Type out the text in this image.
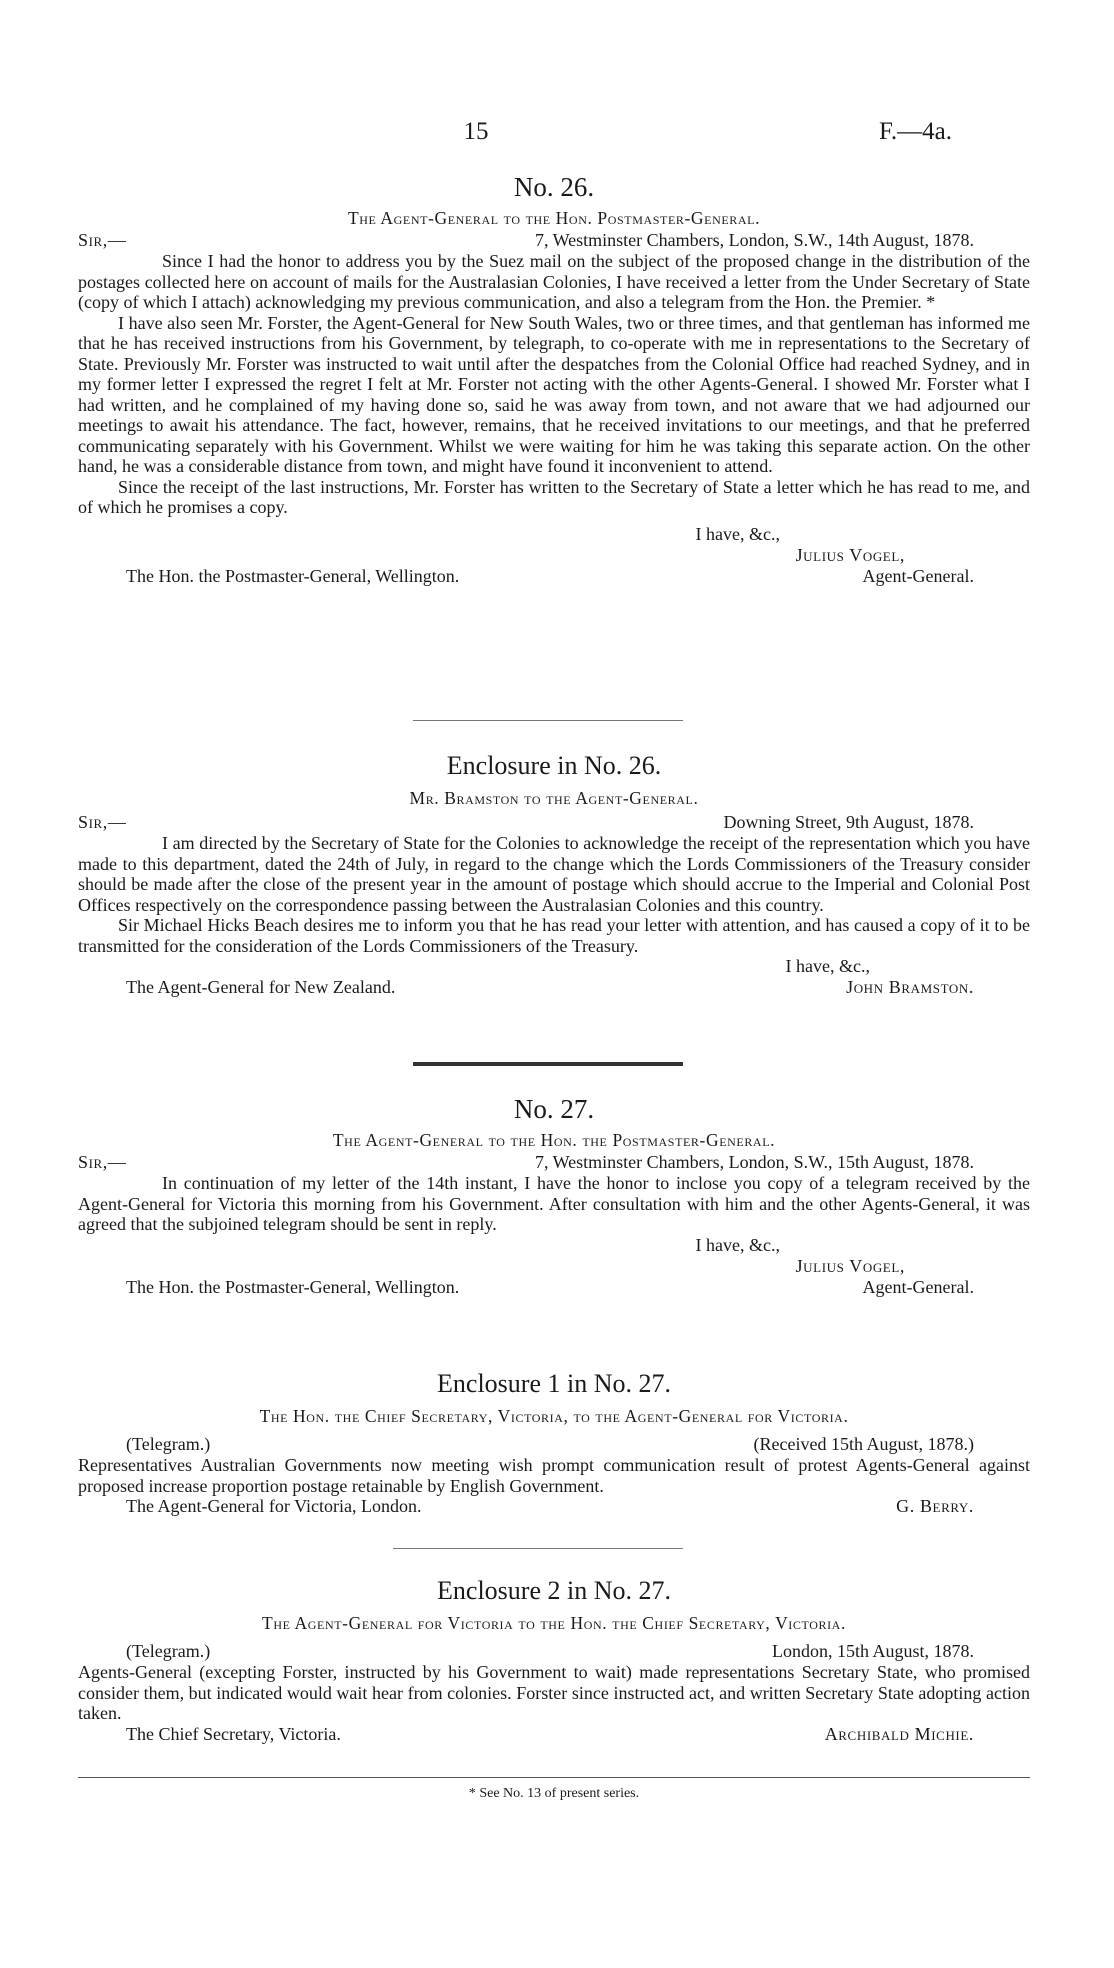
15	F.—4a.
No. 26.
The Agent-General to the Hon. Postmaster-General.
Sir,—	7, Westminster Chambers, London, S.W., 14th August, 1878.

Since I had the honor to address you by the Suez mail on the subject of the proposed change in the distribution of the postages collected here on account of mails for the Australasian Colonies, I have received a letter from the Under Secretary of State (copy of which I attach) acknowledging my previous communication, and also a telegram from the Hon. the Premier. *

I have also seen Mr. Forster, the Agent-General for New South Wales, two or three times, and that gentleman has informed me that he has received instructions from his Government, by telegraph, to co-operate with me in representations to the Secretary of State. Previously Mr. Forster was instructed to wait until after the despatches from the Colonial Office had reached Sydney, and in my former letter I expressed the regret I felt at Mr. Forster not acting with the other Agents-General. I showed Mr. Forster what I had written, and he complained of my having done so, said he was away from town, and not aware that we had adjourned our meetings to await his attendance. The fact, however, remains, that he received invitations to our meetings, and that he preferred communicating separately with his Government. Whilst we were waiting for him he was taking this separate action. On the other hand, he was a considerable distance from town, and might have found it inconvenient to attend.

Since the receipt of the last instructions, Mr. Forster has written to the Secretary of State a letter which he has read to me, and of which he promises a copy.

I have, &c.,
Julius Vogel,
The Hon. the Postmaster-General, Wellington.	Agent-General.
Enclosure in No. 26.
Mr. Bramston to the Agent-General.
Sir,—	Downing Street, 9th August, 1878.

I am directed by the Secretary of State for the Colonies to acknowledge the receipt of the representation which you have made to this department, dated the 24th of July, in regard to the change which the Lords Commissioners of the Treasury consider should be made after the close of the present year in the amount of postage which should accrue to the Imperial and Colonial Post Offices respectively on the correspondence passing between the Australasian Colonies and this country.

Sir Michael Hicks Beach desires me to inform you that he has read your letter with attention, and has caused a copy of it to be transmitted for the consideration of the Lords Commissioners of the Treasury.

I have, &c.,
The Agent-General for New Zealand.	John Bramston.
No. 27.
The Agent-General to the Hon. the Postmaster-General.
Sir,—	7, Westminster Chambers, London, S.W., 15th August, 1878.

In continuation of my letter of the 14th instant, I have the honor to inclose you copy of a telegram received by the Agent-General for Victoria this morning from his Government. After consultation with him and the other Agents-General, it was agreed that the subjoined telegram should be sent in reply.

I have, &c.,
Julius Vogel,
The Hon. the Postmaster-General, Wellington.	Agent-General.
Enclosure 1 in No. 27.
The Hon. the Chief Secretary, Victoria, to the Agent-General for Victoria.
(Telegram.)	(Received 15th August, 1878.)

Representatives Australian Governments now meeting wish prompt communication result of protest Agents-General against proposed increase proportion postage retainable by English Government.

The Agent-General for Victoria, London.	G. Berry.
Enclosure 2 in No. 27.
The Agent-General for Victoria to the Hon. the Chief Secretary, Victoria.
(Telegram.)	London, 15th August, 1878.

Agents-General (excepting Forster, instructed by his Government to wait) made representations Secretary State, who promised consider them, but indicated would wait hear from colonies. Forster since instructed act, and written Secretary State adopting action taken.

The Chief Secretary, Victoria.	Archibald Michie.
* See No. 13 of present series.
